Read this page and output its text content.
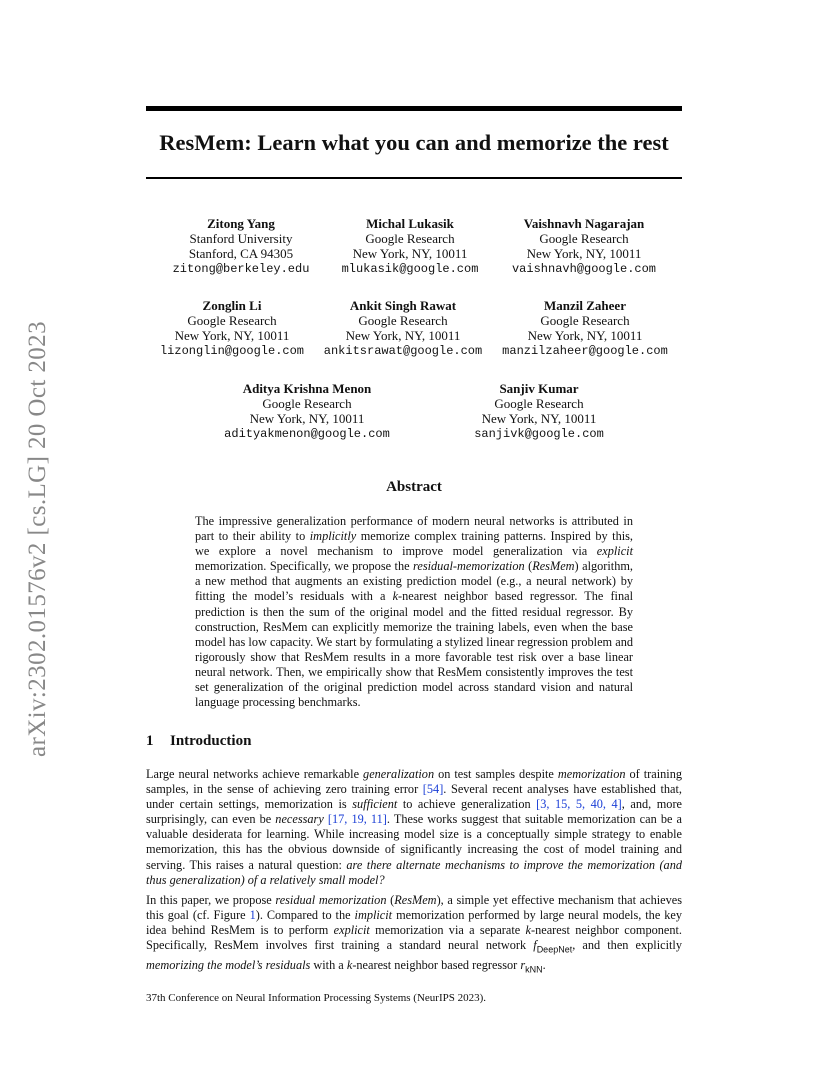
arXiv:2302.01576v2 [cs.LG] 20 Oct 2023
ResMem: Learn what you can and memorize the rest
Zitong Yang
Stanford University
Stanford, CA 94305
zitong@berkeley.edu
Michal Lukasik
Google Research
New York, NY, 10011
mlukasik@google.com
Vaishnavh Nagarajan
Google Research
New York, NY, 10011
vaishnavh@google.com
Zonglin Li
Google Research
New York, NY, 10011
lizonglin@google.com
Ankit Singh Rawat
Google Research
New York, NY, 10011
ankitsrawat@google.com
Manzil Zaheer
Google Research
New York, NY, 10011
manzilzaheer@google.com
Aditya Krishna Menon
Google Research
New York, NY, 10011
adityakmenon@google.com
Sanjiv Kumar
Google Research
New York, NY, 10011
sanjivk@google.com
Abstract
The impressive generalization performance of modern neural networks is attributed in part to their ability to implicitly memorize complex training patterns. Inspired by this, we explore a novel mechanism to improve model generalization via explicit memorization. Specifically, we propose the residual-memorization (ResMem) algorithm, a new method that augments an existing prediction model (e.g., a neural network) by fitting the model’s residuals with a k-nearest neighbor based regressor. The final prediction is then the sum of the original model and the fitted residual regressor. By construction, ResMem can explicitly memorize the training labels, even when the base model has low capacity. We start by formulating a stylized linear regression problem and rigorously show that ResMem results in a more favorable test risk over a base linear neural network. Then, we empirically show that ResMem consistently improves the test set generalization of the original prediction model across standard vision and natural language processing benchmarks.
1 Introduction
Large neural networks achieve remarkable generalization on test samples despite memorization of training samples, in the sense of achieving zero training error [54]. Several recent analyses have established that, under certain settings, memorization is sufficient to achieve generalization [3, 15, 5, 40, 4], and, more surprisingly, can even be necessary [17, 19, 11]. These works suggest that suitable memorization can be a valuable desiderata for learning. While increasing model size is a conceptually simple strategy to enable memorization, this has the obvious downside of significantly increasing the cost of model training and serving. This raises a natural question: are there alternate mechanisms to improve the memorization (and thus generalization) of a relatively small model?
In this paper, we propose residual memorization (ResMem), a simple yet effective mechanism that achieves this goal (cf. Figure 1). Compared to the implicit memorization performed by large neural models, the key idea behind ResMem is to perform explicit memorization via a separate k-nearest neighbor component. Specifically, ResMem involves first training a standard neural network $f_{DeepNet}$, and then explicitly memorizing the model’s residuals with a k-nearest neighbor based regressor $r_{kNN}$.
37th Conference on Neural Information Processing Systems (NeurIPS 2023).
